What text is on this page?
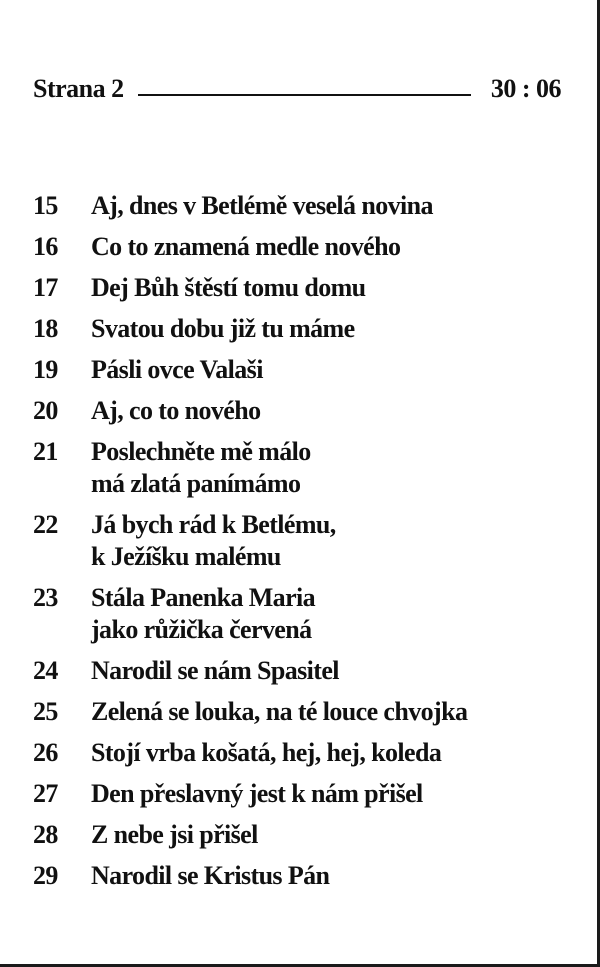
Strana 2	30 : 06
15	Aj, dnes v Betlémě veselá novina
16	Co to znamená medle nového
17	Dej Bůh štěstí tomu domu
18	Svatou dobu již tu máme
19	Pásli ovce Valaši
20	Aj, co to nového
21	Poslechněte mě málo
má zlatá panímámo
22	Já bych rád k Betlému,
k Ježíšku malému
23	Stála Panenka Maria
jako růžička červená
24	Narodil se nám Spasitel
25	Zelená se louka, na té louce chvojka
26	Stojí vrba košatá, hej, hej, koleda
27	Den přeslavný jest k nám přišel
28	Z nebe jsi přišel
29	Narodil se Kristus Pán
